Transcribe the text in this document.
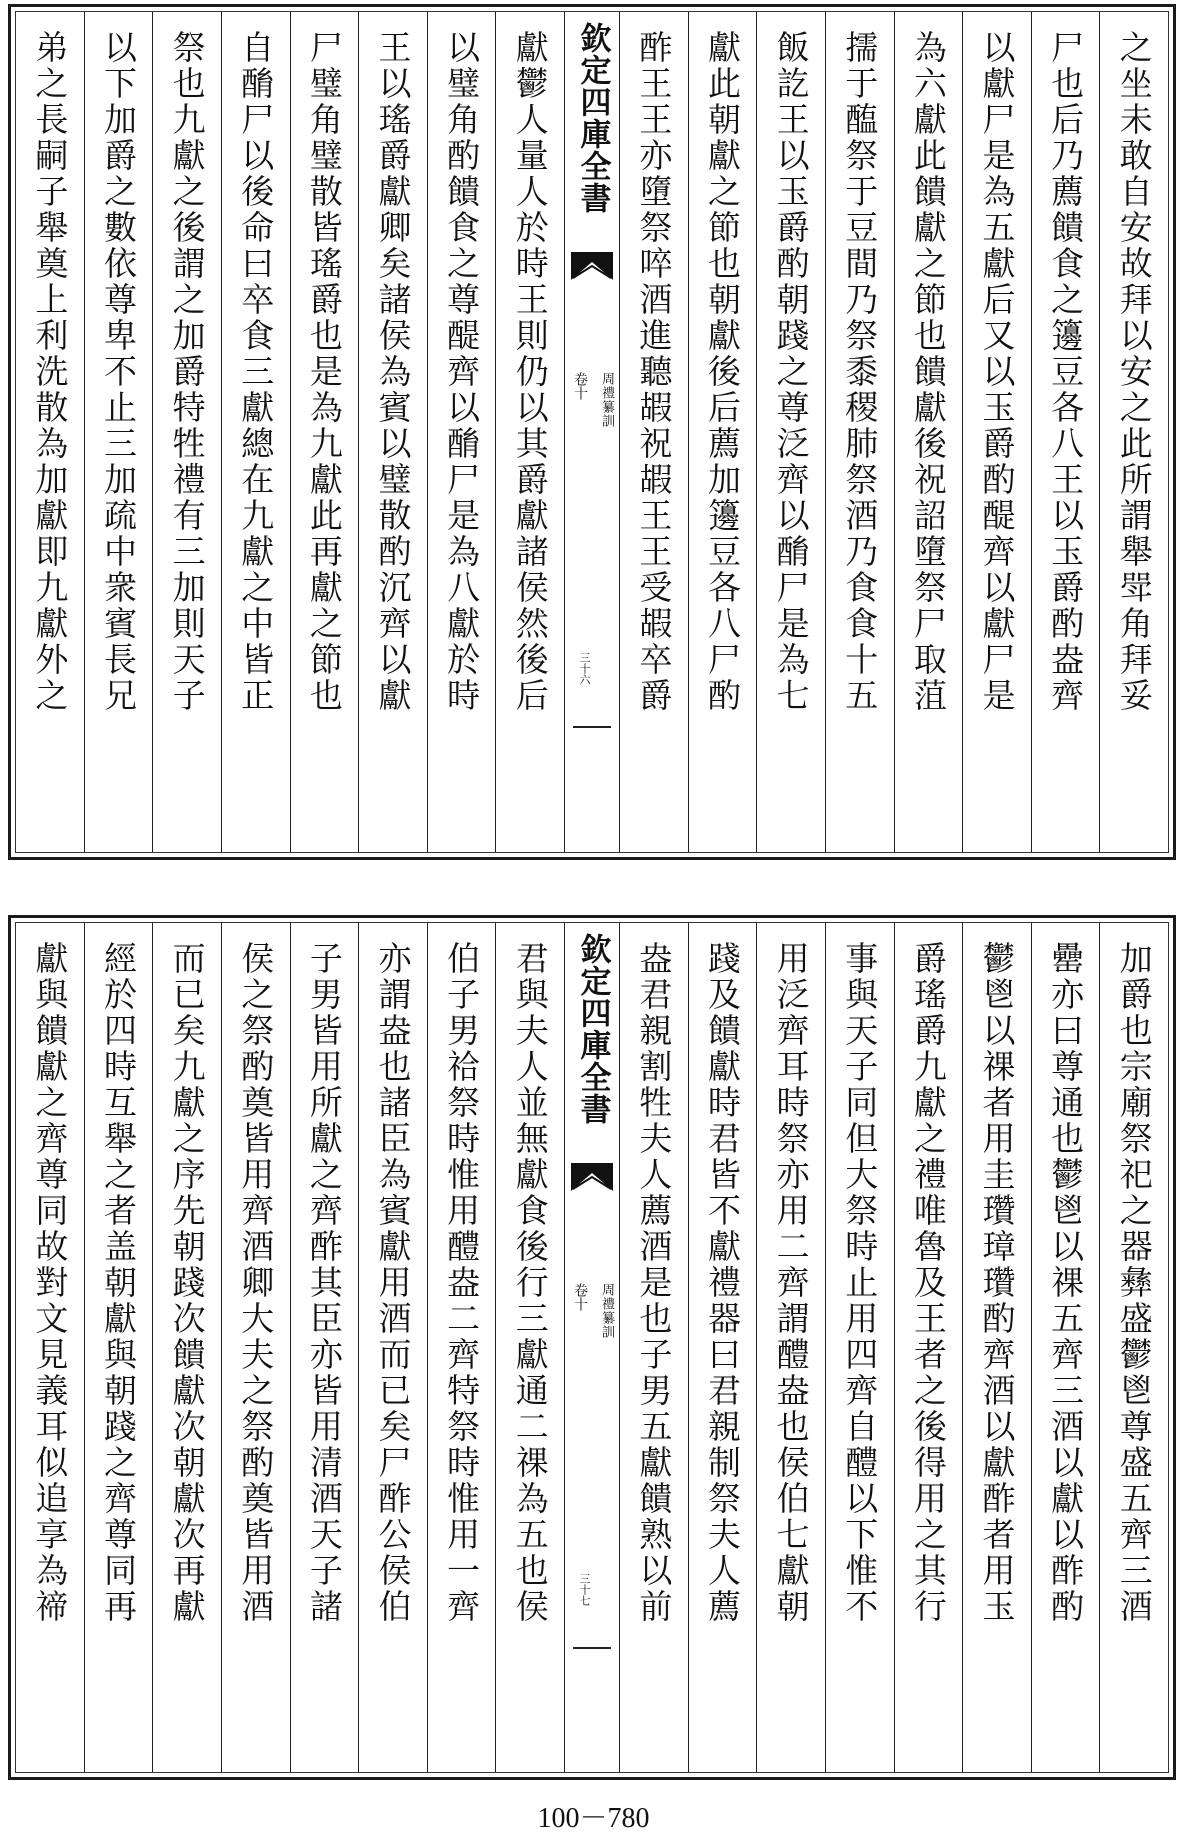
之坐未敢自安故拜以安之此所謂舉斝角拜妥
尸也后乃薦饋食之籩豆各八王以玉爵酌盎齊
以獻尸是為五獻后又以玉爵酌醍齊以獻尸是
為六獻此饋獻之節也饋獻後祝詔墮祭尸取菹
擩于醢祭于豆間乃祭黍稷肺祭酒乃食食十五
飯訖王以玉爵酌朝踐之尊泛齊以酳尸是為七
獻此朝獻之節也朝獻後后薦加籩豆各八尸酌
酢王王亦墮祭啐酒進聽嘏祝嘏王王受嘏卒爵
欽定四庫全書
周禮纂訓
卷十
三十六
獻鬱人量人於時王則仍以其爵獻諸侯然後后
以璧角酌饋食之尊醍齊以酳尸是為八獻於時
王以瑤爵獻卿矣諸侯為賓以璧散酌沉齊以獻
尸璧角璧散皆瑤爵也是為九獻此再獻之節也
自酳尸以後命曰卒食三獻總在九獻之中皆正
祭也九獻之後謂之加爵特牲禮有三加則天子
以下加爵之數依尊卑不止三加疏中衆賓長兄
弟之長嗣子舉奠上利洗散為加獻即九獻外之
加爵也宗廟祭祀之器彝盛鬱鬯尊盛五齊三酒
罍亦曰尊通也鬱鬯以祼五齊三酒以獻以酢酌
鬱鬯以祼者用圭瓚璋瓚酌齊酒以獻酢者用玉
爵瑤爵九獻之禮唯魯及王者之後得用之其行
事與天子同但大祭時止用四齊自醴以下惟不
用泛齊耳時祭亦用二齊謂醴盎也侯伯七獻朝
踐及饋獻時君皆不獻禮器曰君親制祭夫人薦
盎君親割牲夫人薦酒是也子男五獻饋熟以前
欽定四庫全書
周禮纂訓
卷十
三十七
君與夫人並無獻食後行三獻通二祼為五也侯
伯子男祫祭時惟用醴盎二齊特祭時惟用一齊
亦謂盎也諸臣為賓獻用酒而已矣尸酢公侯伯
子男皆用所獻之齊酢其臣亦皆用清酒天子諸
侯之祭酌奠皆用齊酒卿大夫之祭酌奠皆用酒
而已矣九獻之序先朝踐次饋獻次朝獻次再獻
經於四時互舉之者盖朝獻與朝踐之齊尊同再
獻與饋獻之齊尊同故對文見義耳似追享為禘
100－780
